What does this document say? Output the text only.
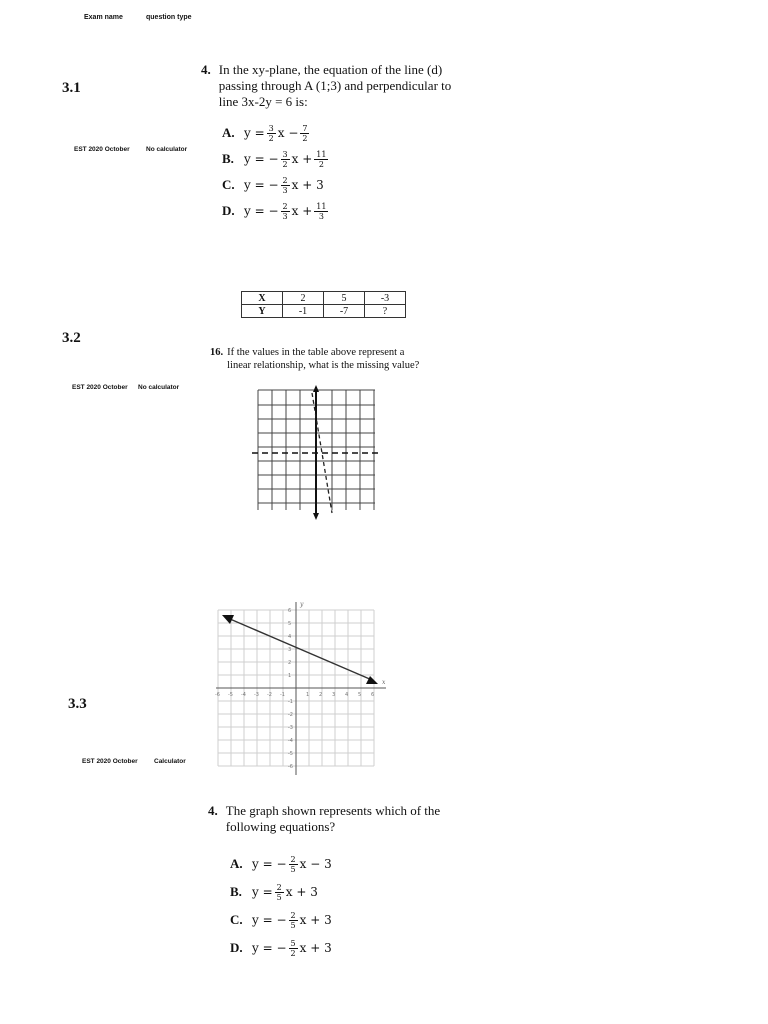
Exam name	question type
3.1
EST 2020 October	No calculator
4. In the xy-plane, the equation of the line (d)
passing through A (1;3) and perpendicular to
line 3x-2y = 6 is:
A. $y = \frac{3}{2}$ $x - \frac{7}{2}$
B. y = − $\frac{3}{2}$ $x + \frac{11}{2}$
C. y = − $\frac{2}{3}$ x + 3
D. y = − $\frac{2}{3}$ $x + \frac{11}{3}$
3.2
EST 2020 October No calculator
X	2	5	-3
Y	-1	-7	?
16. If the values in the table above represent a
linear relationship, what is the missing value?
3.3
EST 2020 October	Calculator
-6 -5 -4 -3 -2 -1	1 2 3 4 5 6
6
5
4
3
2
1
-1
-2
-3
-4
-5
-6
x
y
4. The graph shown represents which of the
following equations?
A. y = − $\frac{2}{5}$ x − 3
B. $y = \frac{2}{5}$ x + 3
C. y = − $\frac{2}{5}$ x + 3
D. y = − $\frac{5}{2}$ x + 3
